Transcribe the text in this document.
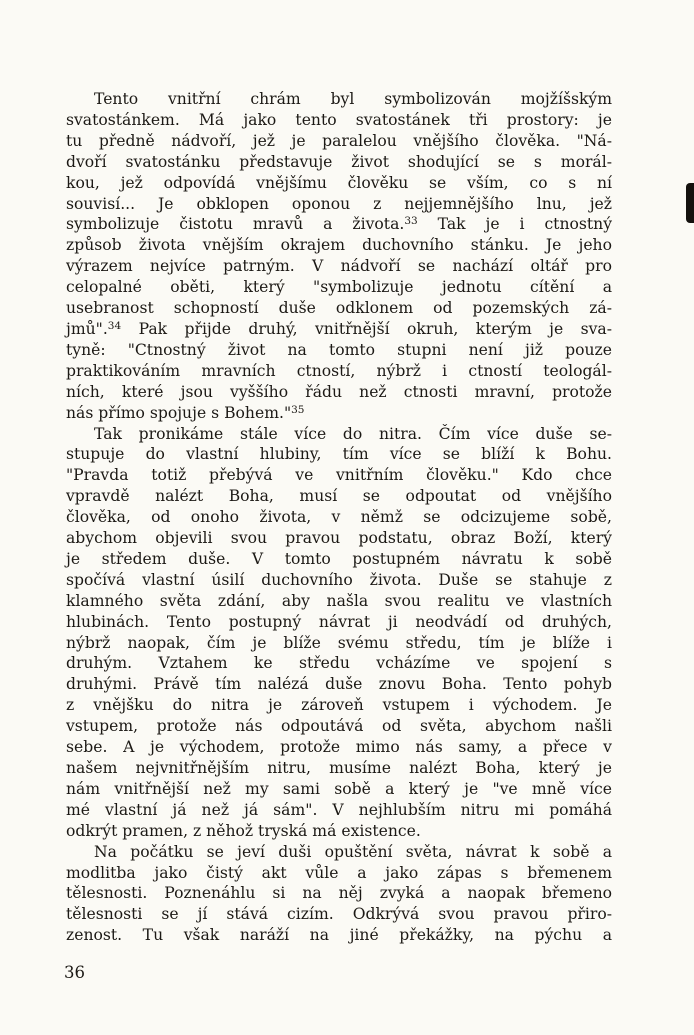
Tento vnitřní chrám byl symbolizován mojžíšským
svatostánkem. Má jako tento svatostánek tři prostory: je
tu předně nádvoří, jež je paralelou vnějšího člověka. "Ná-
dvoří svatostánku představuje život shodující se s morál-
kou, jež odpovídá vnějšímu člověku se vším, co s ní
souvisí... Je obklopen oponou z nejjemnějšího lnu, jež
symbolizuje čistotu mravů a života.$^{33}$ Tak je i ctnostný
způsob života vnějším okrajem duchovního stánku. Je jeho
výrazem nejvíce patrným. V nádvoří se nachází oltář pro
celopalné oběti, který "symbolizuje jednotu cítění a
usebranost schopností duše odklonem od pozemských zá-
jmů".$^{34}$ Pak přijde druhý, vnitřnější okruh, kterým je sva-
tyně: "Ctnostný život na tomto stupni není již pouze
praktikováním mravních ctností, nýbrž i ctností teologál-
ních, které jsou vyššího řádu než ctnosti mravní, protože
nás přímo spojuje s Bohem."$^{35}$
Tak pronikáme stále více do nitra. Čím více duše se-
stupuje do vlastní hlubiny, tím více se blíží k Bohu.
"Pravda totiž přebývá ve vnitřním člověku." Kdo chce
vpravdě nalézt Boha, musí se odpoutat od vnějšího
člověka, od onoho života, v němž se odcizujeme sobě,
abychom objevili svou pravou podstatu, obraz Boží, který
je středem duše. V tomto postupném návratu k sobě
spočívá vlastní úsilí duchovního života. Duše se stahuje z
klamného světa zdání, aby našla svou realitu ve vlastních
hlubinách. Tento postupný návrat ji neodvádí od druhých,
nýbrž naopak, čím je blíže svému středu, tím je blíže i
druhým. Vztahem ke středu vcházíme ve spojení s
druhými. Právě tím nalézá duše znovu Boha. Tento pohyb
z vnějšku do nitra je zároveň vstupem i východem. Je
vstupem, protože nás odpoutává od světa, abychom našli
sebe. A je východem, protože mimo nás samy, a přece v
našem nejvnitřnějším nitru, musíme nalézt Boha, který je
nám vnitřnější než my sami sobě a který je "ve mně více
mé vlastní já než já sám". V nejhlubším nitru mi pomáhá
odkrýt pramen, z něhož tryská má existence.
Na počátku se jeví duši opuštění světa, návrat k sobě a
modlitba jako čistý akt vůle a jako zápas s břemenem
tělesnosti. Poznenáhlu si na něj zvyká a naopak břemeno
tělesnosti se jí stává cizím. Odkrývá svou pravou přiro-
zenost. Tu však naráží na jiné překážky, na pýchu a
36
